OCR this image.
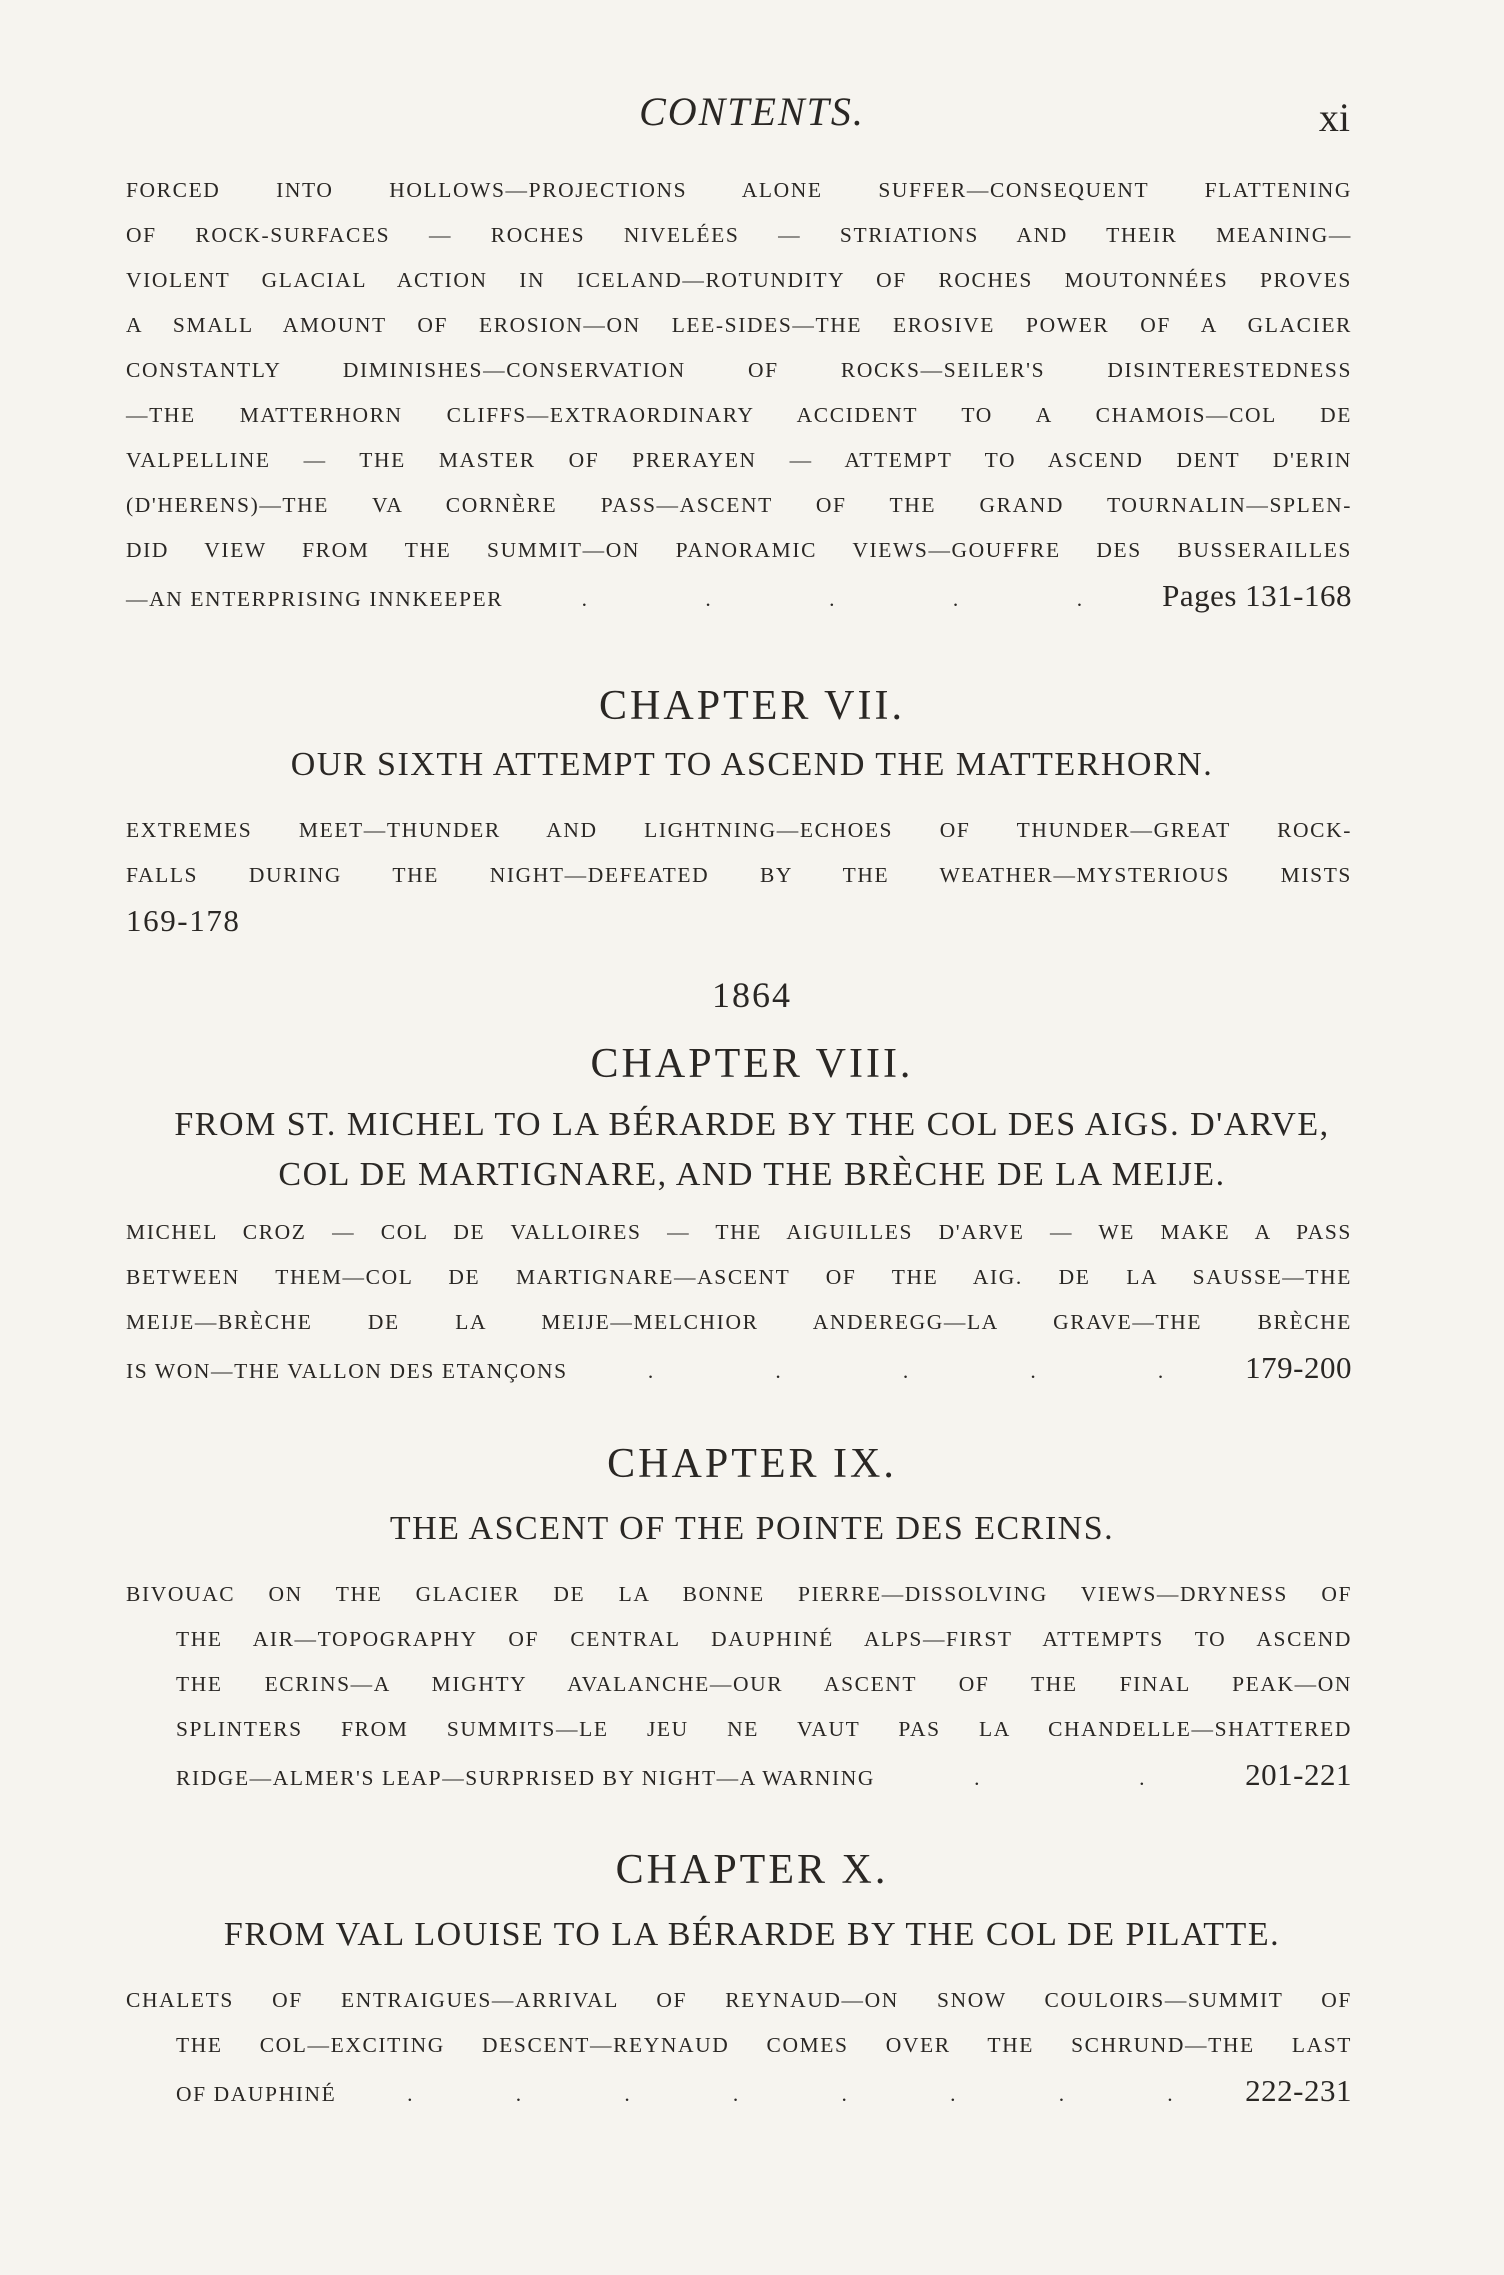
CONTENTS.	xi
FORCED INTO HOLLOWS—PROJECTIONS ALONE SUFFER—CONSEQUENT FLATTENING
OF ROCK-SURFACES — ROCHES NIVELÉES — STRIATIONS AND THEIR MEANING—
VIOLENT GLACIAL ACTION IN ICELAND—ROTUNDITY OF ROCHES MOUTONNÉES PROVES
A SMALL AMOUNT OF EROSION—ON LEE-SIDES—THE EROSIVE POWER OF A GLACIER
CONSTANTLY DIMINISHES—CONSERVATION OF ROCKS—SEILER'S DISINTERESTEDNESS
—THE MATTERHORN CLIFFS—EXTRAORDINARY ACCIDENT TO A CHAMOIS—COL DE
VALPELLINE — THE MASTER OF PRERAYEN — ATTEMPT TO ASCEND DENT D'ERIN
(D'HERENS)—THE VA CORNÈRE PASS—ASCENT OF THE GRAND TOURNALIN—SPLEN-
DID VIEW FROM THE SUMMIT—ON PANORAMIC VIEWS—GOUFFRE DES BUSSERAILLES
—AN ENTERPRISING INNKEEPER	.	.	.	.	.	Pages 131-168
CHAPTER VII.
OUR SIXTH ATTEMPT TO ASCEND THE MATTERHORN.
EXTREMES MEET—THUNDER AND LIGHTNING—ECHOES OF THUNDER—GREAT ROCK-
FALLS DURING THE NIGHT—DEFEATED BY THE WEATHER—MYSTERIOUS MISTS
169-178
1864
CHAPTER VIII.
FROM ST. MICHEL TO LA BÉRARDE BY THE COL DES AIGS. D'ARVE,
COL DE MARTIGNARE, AND THE BRÈCHE DE LA MEIJE.
MICHEL CROZ — COL DE VALLOIRES — THE AIGUILLES D'ARVE — WE MAKE A PASS
BETWEEN THEM—COL DE MARTIGNARE—ASCENT OF THE AIG. DE LA SAUSSE—THE
MEIJE—BRÈCHE DE LA MEIJE—MELCHIOR ANDEREGG—LA GRAVE—THE BRÈCHE
IS WON—THE VALLON DES ETANÇONS	.	.	.	.	.	179-200
CHAPTER IX.
THE ASCENT OF THE POINTE DES ECRINS.
BIVOUAC ON THE GLACIER DE LA BONNE PIERRE—DISSOLVING VIEWS—DRYNESS OF
THE AIR—TOPOGRAPHY OF CENTRAL DAUPHINÉ ALPS—FIRST ATTEMPTS TO ASCEND
THE ECRINS—A MIGHTY AVALANCHE—OUR ASCENT OF THE FINAL PEAK—ON
SPLINTERS FROM SUMMITS—LE JEU NE VAUT PAS LA CHANDELLE—SHATTERED
RIDGE—ALMER'S LEAP—SURPRISED BY NIGHT—A WARNING	.	.	201-221
CHAPTER X.
FROM VAL LOUISE TO LA BÉRARDE BY THE COL DE PILATTE.
CHALETS OF ENTRAIGUES—ARRIVAL OF REYNAUD—ON SNOW COULOIRS—SUMMIT OF
THE COL—EXCITING DESCENT—REYNAUD COMES OVER THE SCHRUND—THE LAST
OF DAUPHINÉ	.	.	.	.	.	.	.	. 222-231
